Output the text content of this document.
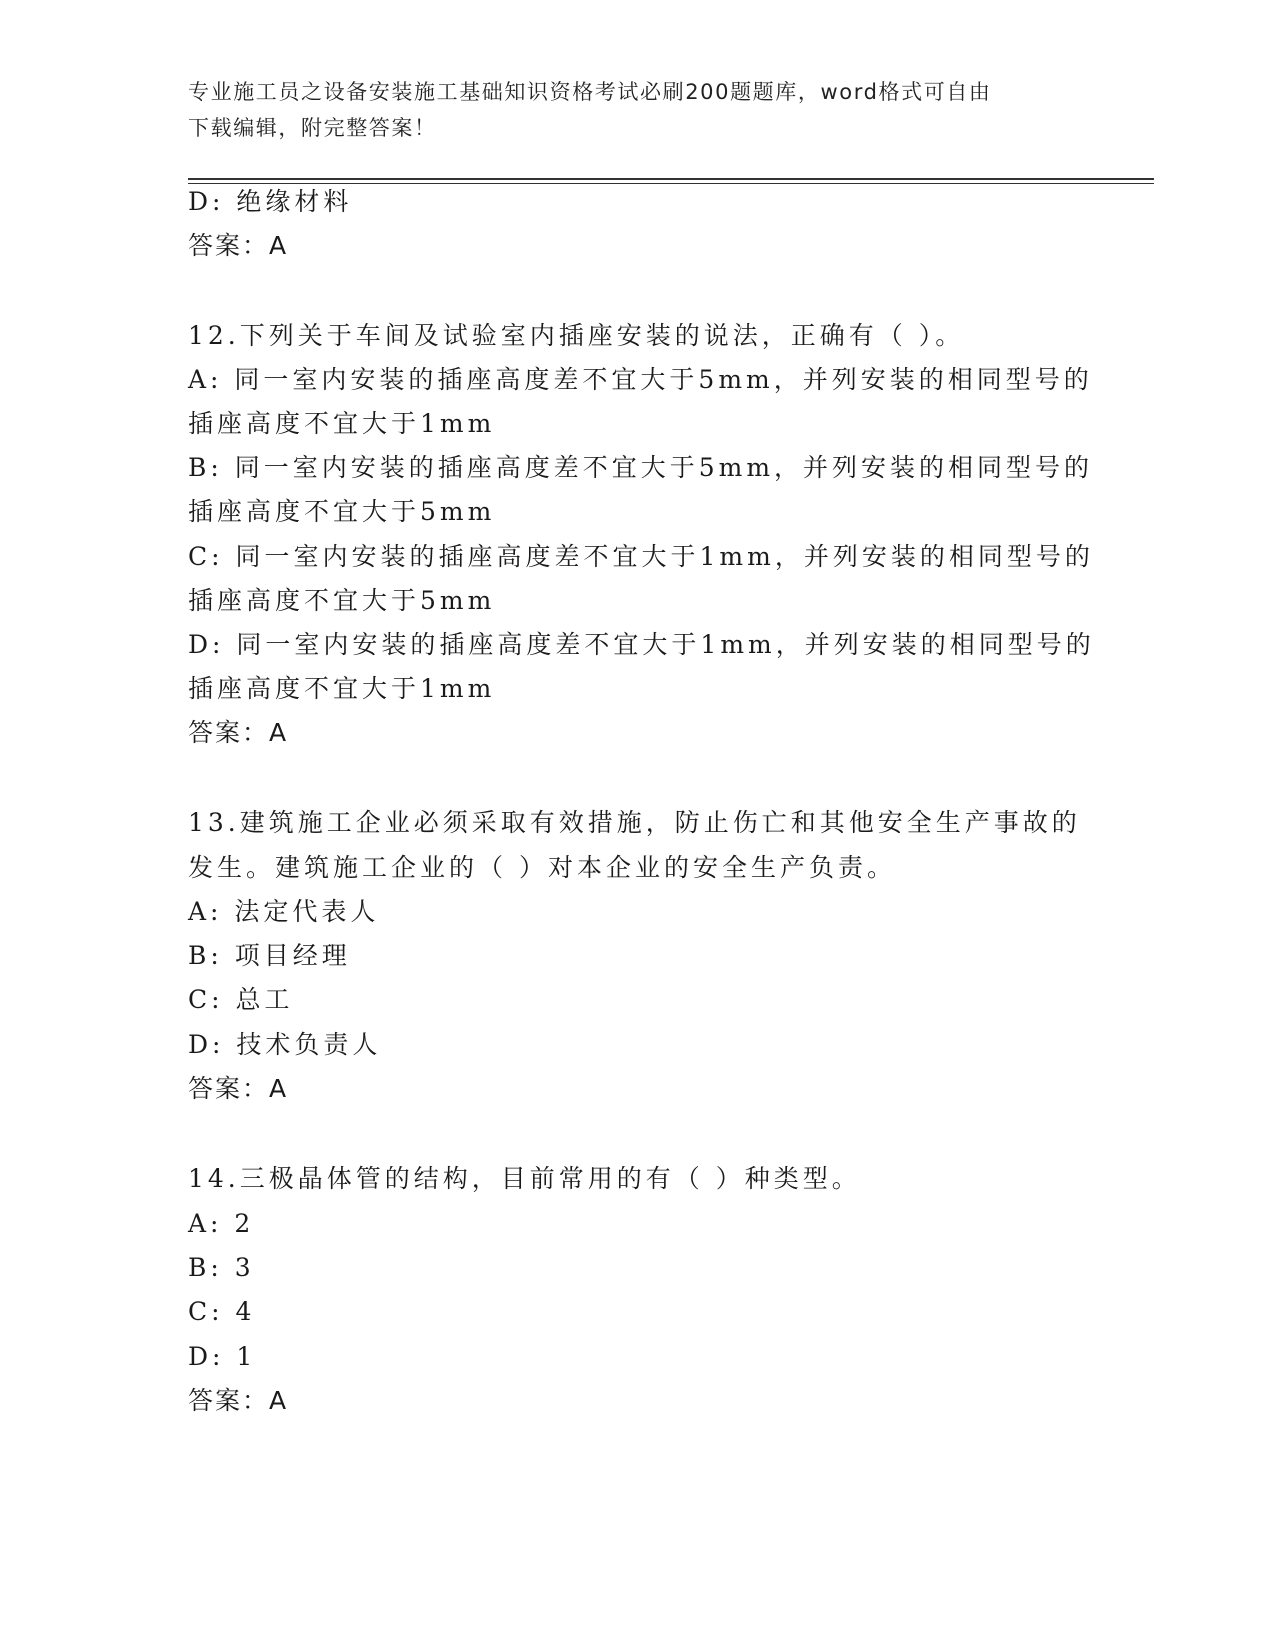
专业施工员之设备安装施工基础知识资格考试必刷200题题库，word格式可自由
下载编辑，附完整答案！
D: 绝缘材料
答案：A
12.下列关于车间及试验室内插座安装的说法，正确有（ ）。
A: 同一室内安装的插座高度差不宜大于5mm，并列安装的相同型号的
插座高度不宜大于1mm
B: 同一室内安装的插座高度差不宜大于5mm，并列安装的相同型号的
插座高度不宜大于5mm
C: 同一室内安装的插座高度差不宜大于1mm，并列安装的相同型号的
插座高度不宜大于5mm
D: 同一室内安装的插座高度差不宜大于1mm，并列安装的相同型号的
插座高度不宜大于1mm
答案：A
13.建筑施工企业必须采取有效措施，防止伤亡和其他安全生产事故的
发生。建筑施工企业的（ ）对本企业的安全生产负责。
A: 法定代表人
B: 项目经理
C: 总工
D: 技术负责人
答案：A
14.三极晶体管的结构，目前常用的有（ ）种类型。
A: 2
B: 3
C: 4
D: 1
答案：A
